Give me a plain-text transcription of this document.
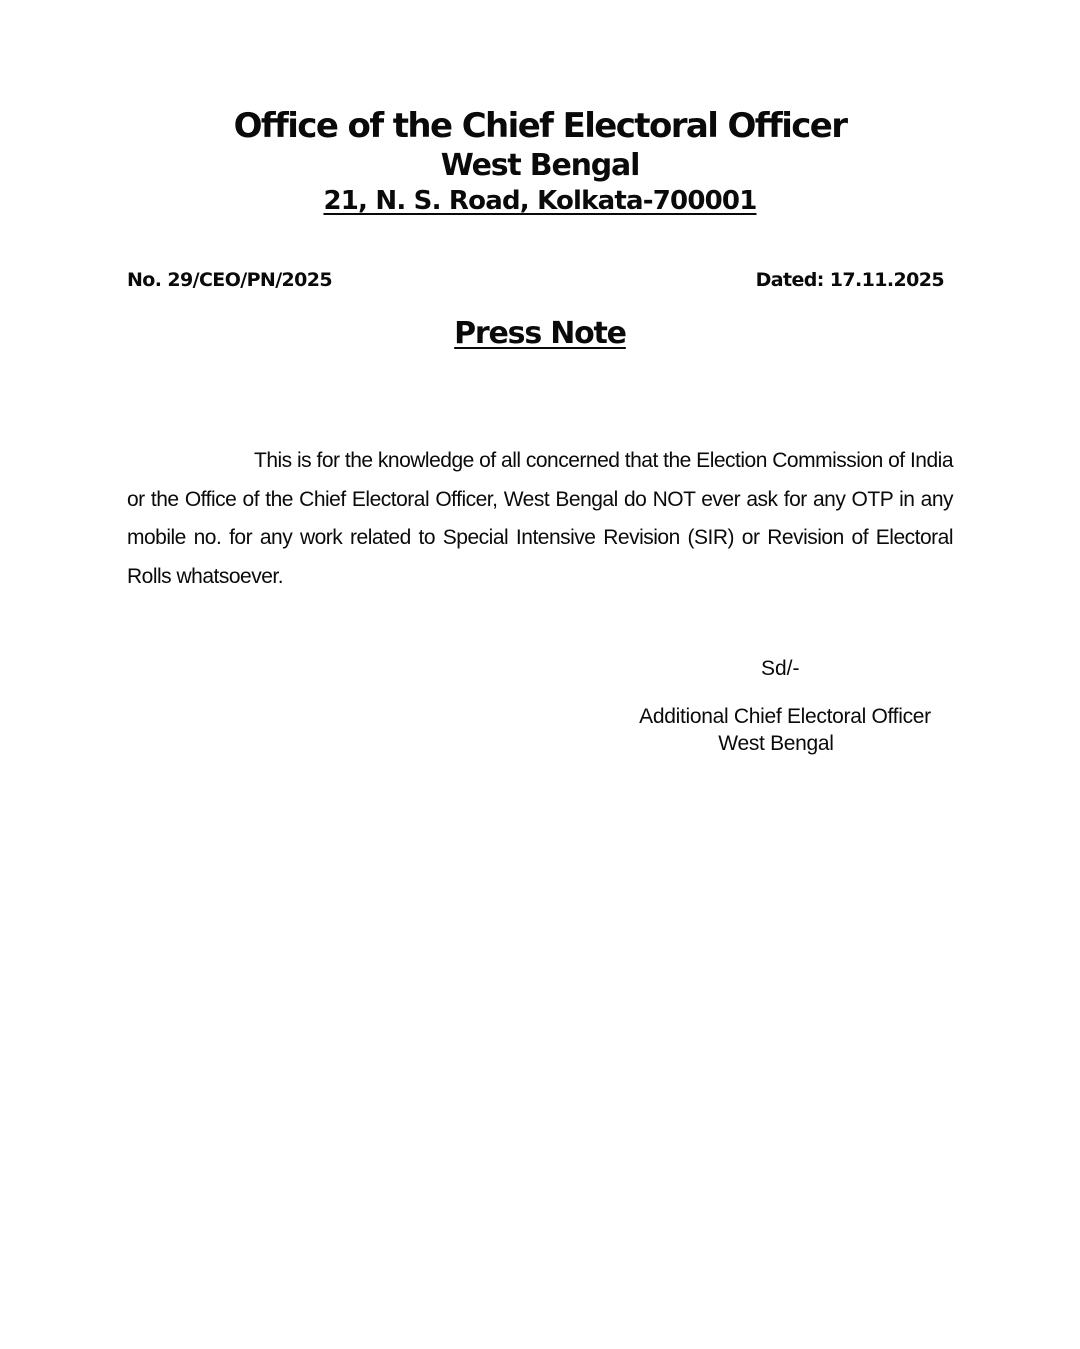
Office of the Chief Electoral Officer
West Bengal
21, N. S. Road, Kolkata-700001
No. 29/CEO/PN/2025	Dated: 17.11.2025
Press Note

This is for the knowledge of all concerned that the Election Commission of India or the Office of the Chief Electoral Officer, West Bengal do NOT ever ask for any OTP in any mobile no. for any work related to Special Intensive Revision (SIR) or Revision of Electoral Rolls whatsoever.

Sd/-
Additional Chief Electoral Officer
West Bengal
